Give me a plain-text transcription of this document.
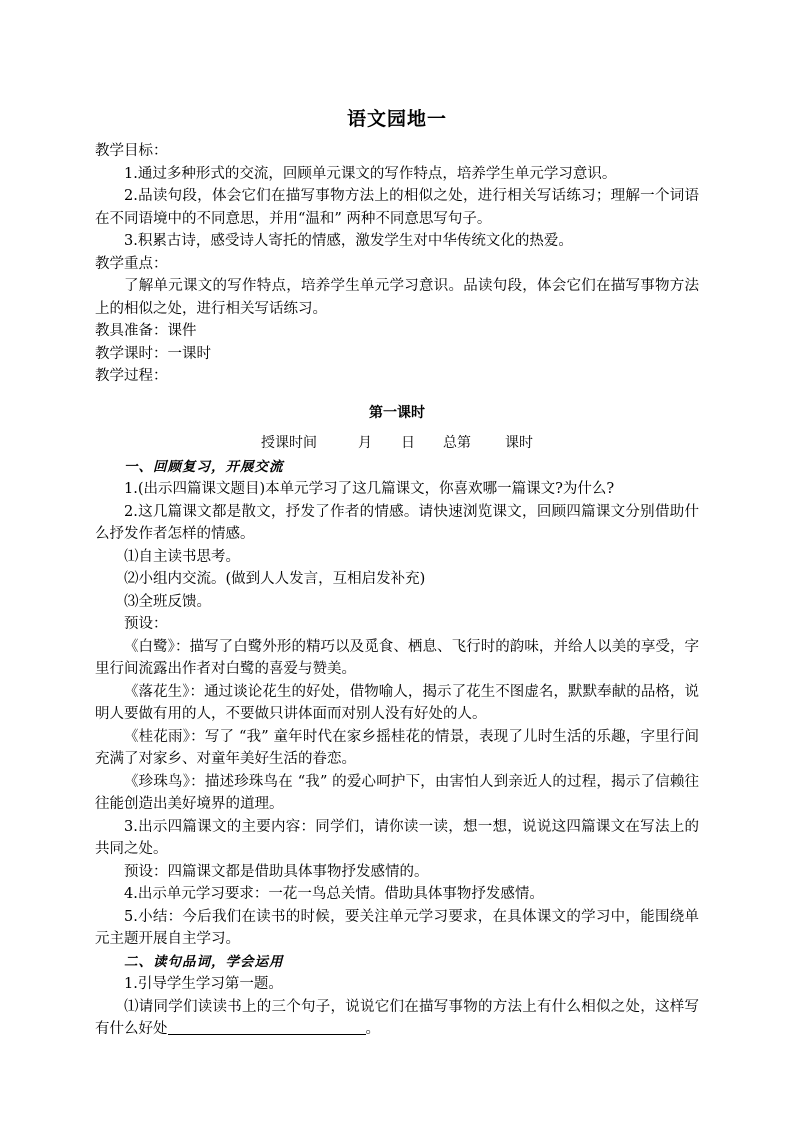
语文园地一

教学目标：

1.通过多种形式的交流，回顾单元课文的写作特点，培养学生单元学习意识。

2.品读句段，体会它们在描写事物方法上的相似之处，进行相关写话练习；理解一个词语在不同语境中的不同意思，并用“温和” 两种不同意思写句子。

3.积累古诗，感受诗人寄托的情感，激发学生对中华传统文化的热爱。

教学重点：

了解单元课文的写作特点，培养学生单元学习意识。品读句段，体会它们在描写事物方法上的相似之处，进行相关写话练习。

教具准备：课件

教学课时：一课时

教学过程：

第一课时
授课时间	月 日 总第 课时

一、回顾复习，开展交流

1.(出示四篇课文题目)本单元学习了这几篇课文，你喜欢哪一篇课文?为什么?

2.这几篇课文都是散文，抒发了作者的情感。请快速浏览课文，回顾四篇课文分别借助什么抒发作者怎样的情感。

⑴自主读书思考。

⑵小组内交流。(做到人人发言，互相启发补充)

⑶全班反馈。

预设：

《白鹭》：描写了白鹭外形的精巧以及觅食、栖息、飞行时的韵味，并给人以美的享受，字里行间流露出作者对白鹭的喜爱与赞美。

《落花生》：通过谈论花生的好处，借物喻人，揭示了花生不图虚名，默默奉献的品格，说明人要做有用的人，不要做只讲体面而对别人没有好处的人。

《桂花雨》：写了 “我” 童年时代在家乡摇桂花的情景，表现了儿时生活的乐趣，字里行间充满了对家乡、对童年美好生活的眷恋。

《珍珠鸟》：描述珍珠鸟在 “我” 的爱心呵护下，由害怕人到亲近人的过程，揭示了信赖往往能创造出美好境界的道理。

3.出示四篇课文的主要内容：同学们，请你读一读，想一想，说说这四篇课文在写法上的共同之处。

预设：四篇课文都是借助具体事物抒发感情的。

4.出示单元学习要求：一花一鸟总关情。借助具体事物抒发感情。

5.小结：今后我们在读书的时候，要关注单元学习要求，在具体课文的学习中，能围绕单元主题开展自主学习。

二、读句品词，学会运用

1.引导学生学习第一题。

⑴请同学们读读书上的三个句子，说说它们在描写事物的方法上有什么相似之处，这样写有什么好处	。
